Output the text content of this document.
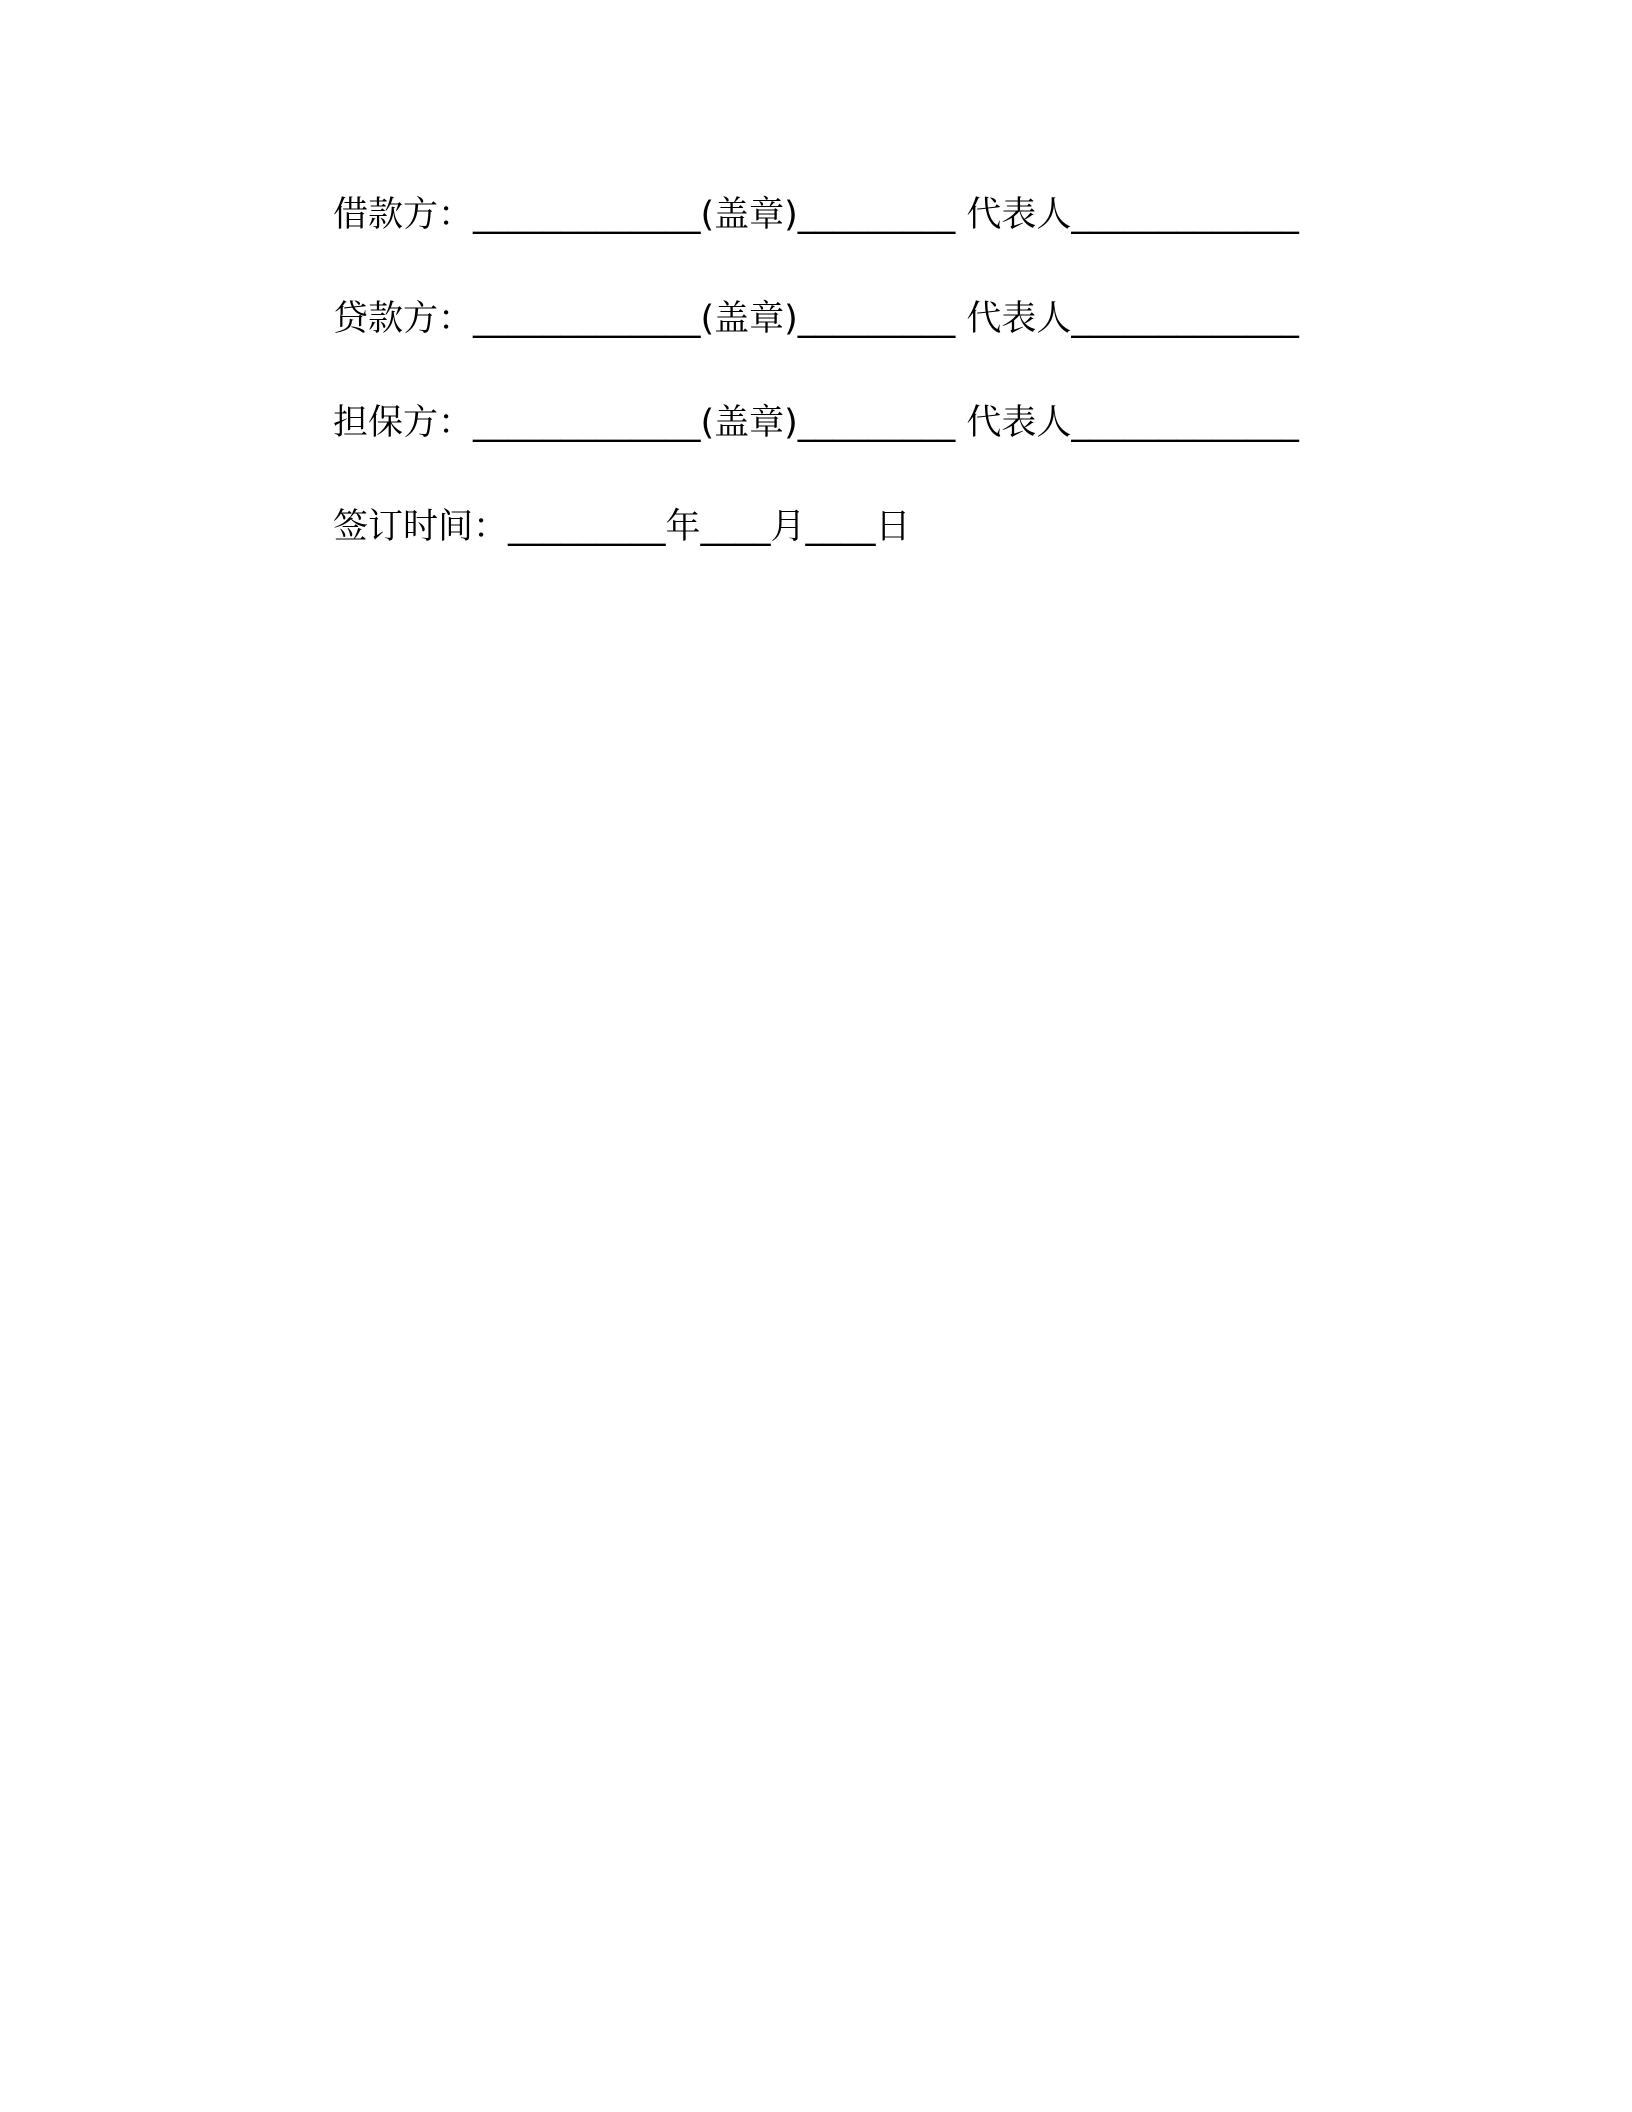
借款方：_____________(盖章)_________ 代表人_____________
贷款方：_____________(盖章)_________ 代表人_____________
担保方：_____________(盖章)_________ 代表人_____________
签订时间：_________年____月____日
